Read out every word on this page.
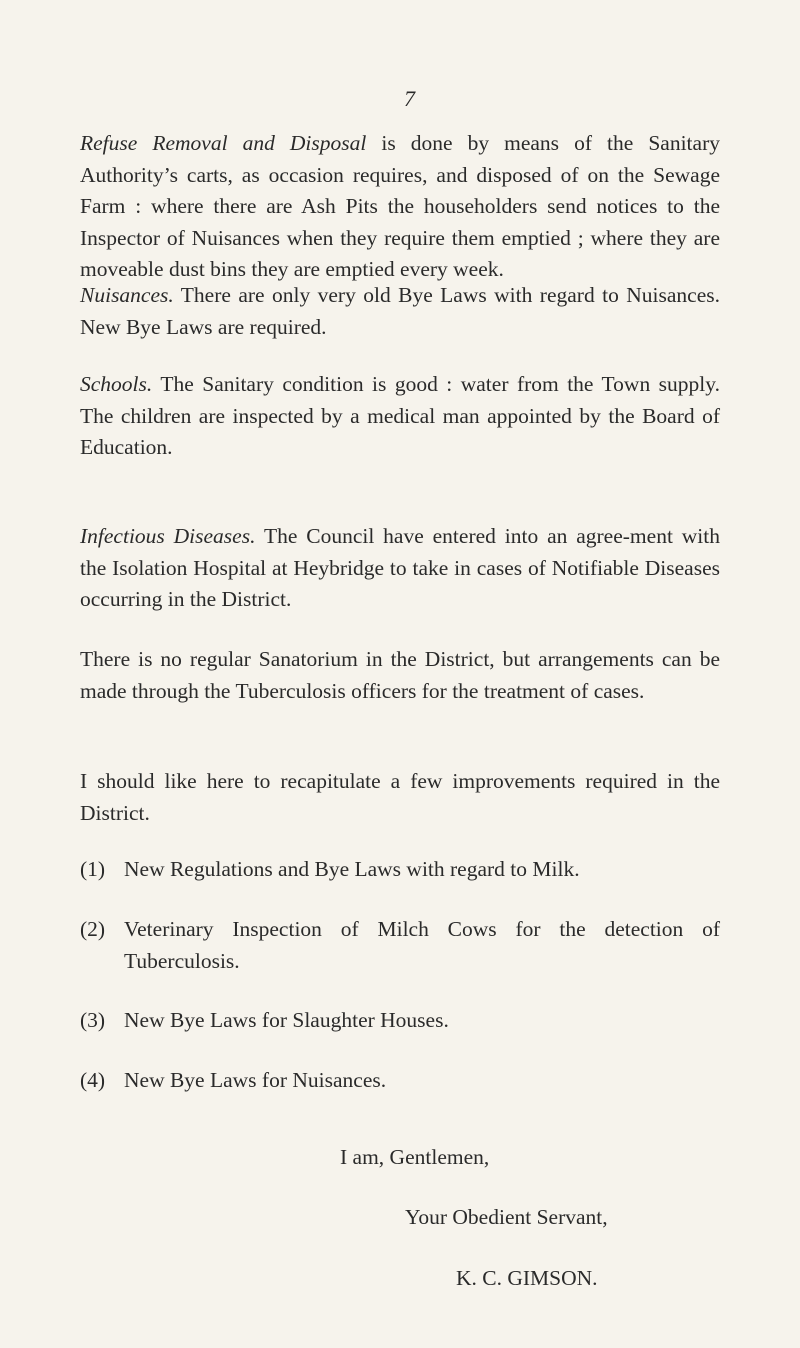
7

Refuse Removal and Disposal is done by means of the Sanitary Authority’s carts, as occasion requires, and disposed of on the Sewage Farm : where there are Ash Pits the householders send notices to the Inspector of Nuisances when they require them emptied ; where they are moveable dust bins they are emptied every week.

Nuisances. There are only very old Bye Laws with regard to Nuisances. New Bye Laws are required.

Schools. The Sanitary condition is good : water from the Town supply. The children are inspected by a medical man appointed by the Board of Education.

Infectious Diseases. The Council have entered into an agree-ment with the Isolation Hospital at Heybridge to take in cases of Notifiable Diseases occurring in the District.

There is no regular Sanatorium in the District, but arrangements can be made through the Tuberculosis officers for the treatment of cases.

I should like here to recapitulate a few improvements required in the District.

(1) New Regulations and Bye Laws with regard to Milk.
(2) Veterinary Inspection of Milch Cows for the detection of Tuberculosis.
(3) New Bye Laws for Slaughter Houses.
(4) New Bye Laws for Nuisances.

I am, Gentlemen,

Your Obedient Servant,

K. C. GIMSON.
